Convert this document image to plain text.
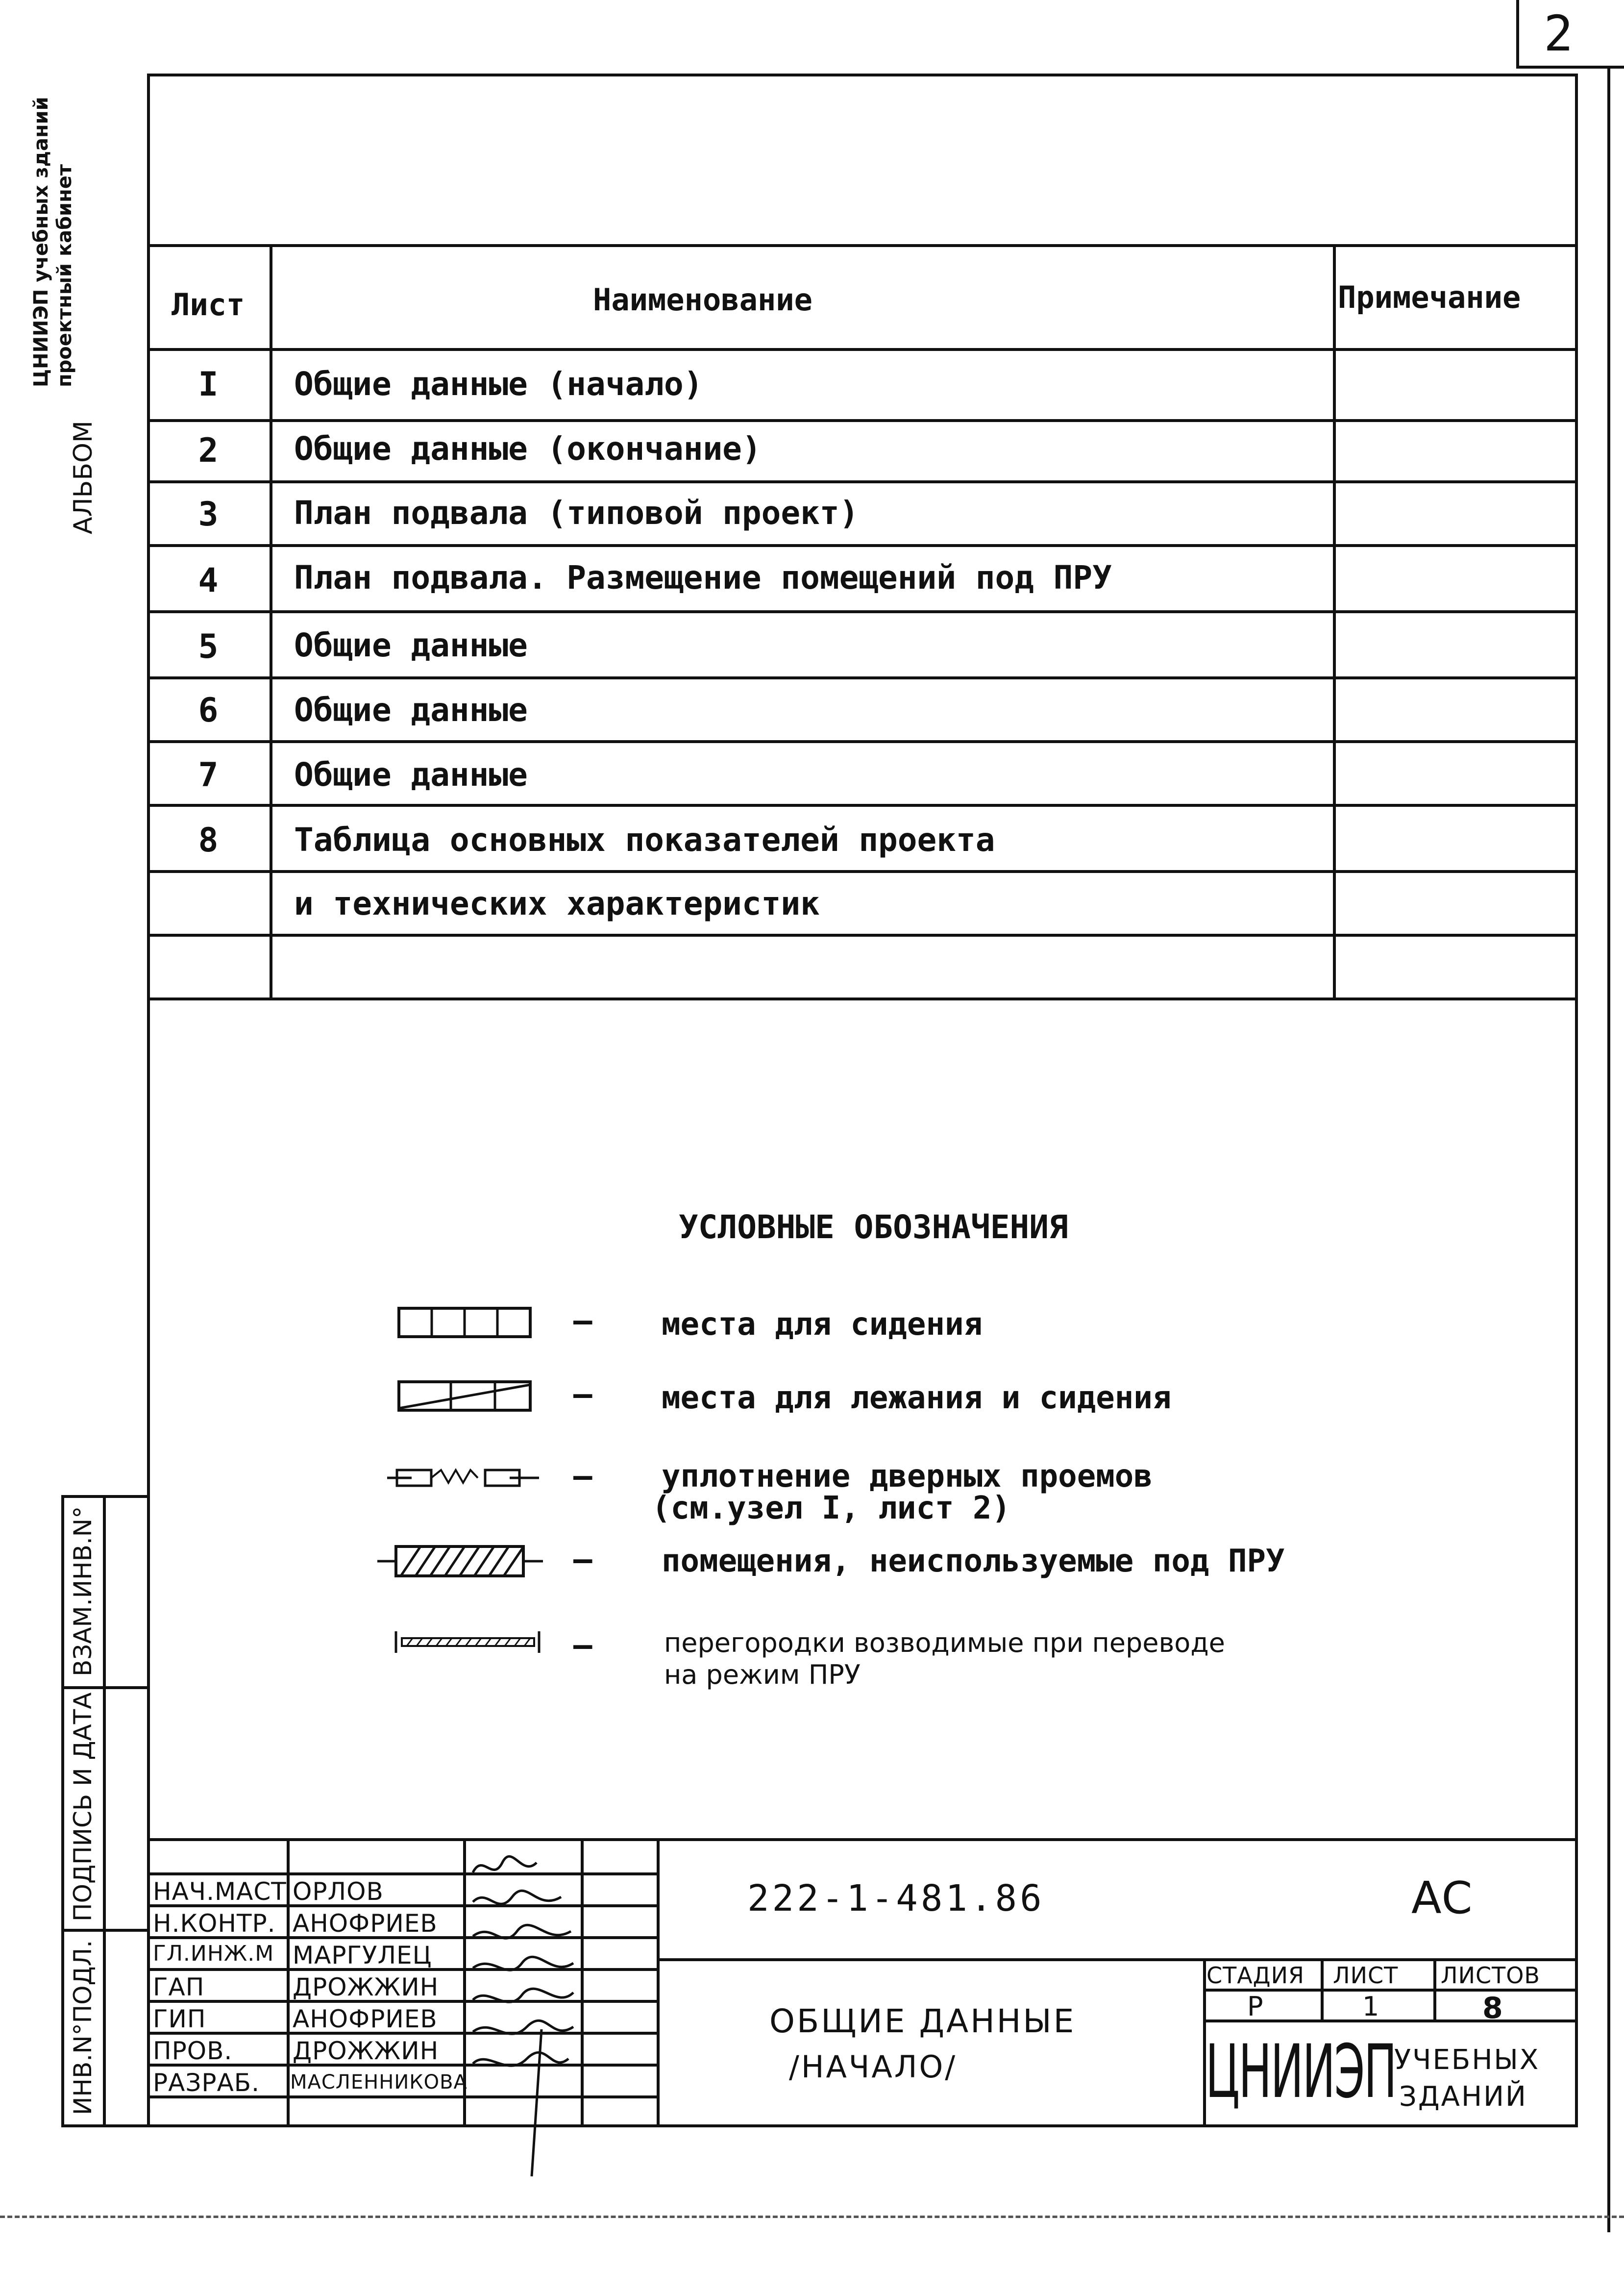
2
ЦНИИЭП учебных зданий проектный кабинет
АЛЬБОМ
Лист	Наименование	Примечание
I	Общие данные (начало)
2	Общие данные (окончание)
3	План подвала (типовой проект)
4	План подвала. Размещение помещений под ПРУ
5	Общие данные
6	Общие данные
7	Общие данные
8	Таблица основных показателей проекта
и технических характеристик
УСЛОВНЫЕ ОБОЗНАЧЕНИЯ
— места для сидения
— места для лежания и сидения
— уплотнение дверных проемов
(см.узел I, лист 2)
— помещения, неиспользуемые под ПРУ
—	перегородки возводимые при переводе
на режим ПРУ
ИНВ.N°ПОДЛ.
ПОДПИСЬ И ДАТА
ВЗАМ.ИНВ.N°
НАЧ.МАСТ ОРЛОВ
Н.КОНТР. АНОФРИЕВ
ГЛ.ИНЖ.М МАРГУЛЕЦ
ГАП	ДРОЖЖИН
ГИП	АНОФРИЕВ
ПРОВ. ДРОЖЖИН
РАЗРАБ. МАСЛЕННИКОВА
222-1-481.86	АС
ОБЩИЕ ДАННЫЕ
/НАЧАЛО/
СТАДИЯ ЛИСТ ЛИСТОВ
Р	1	8
ЦНИИЭП
УЧЕБНЫХ
ЗДАНИЙ
